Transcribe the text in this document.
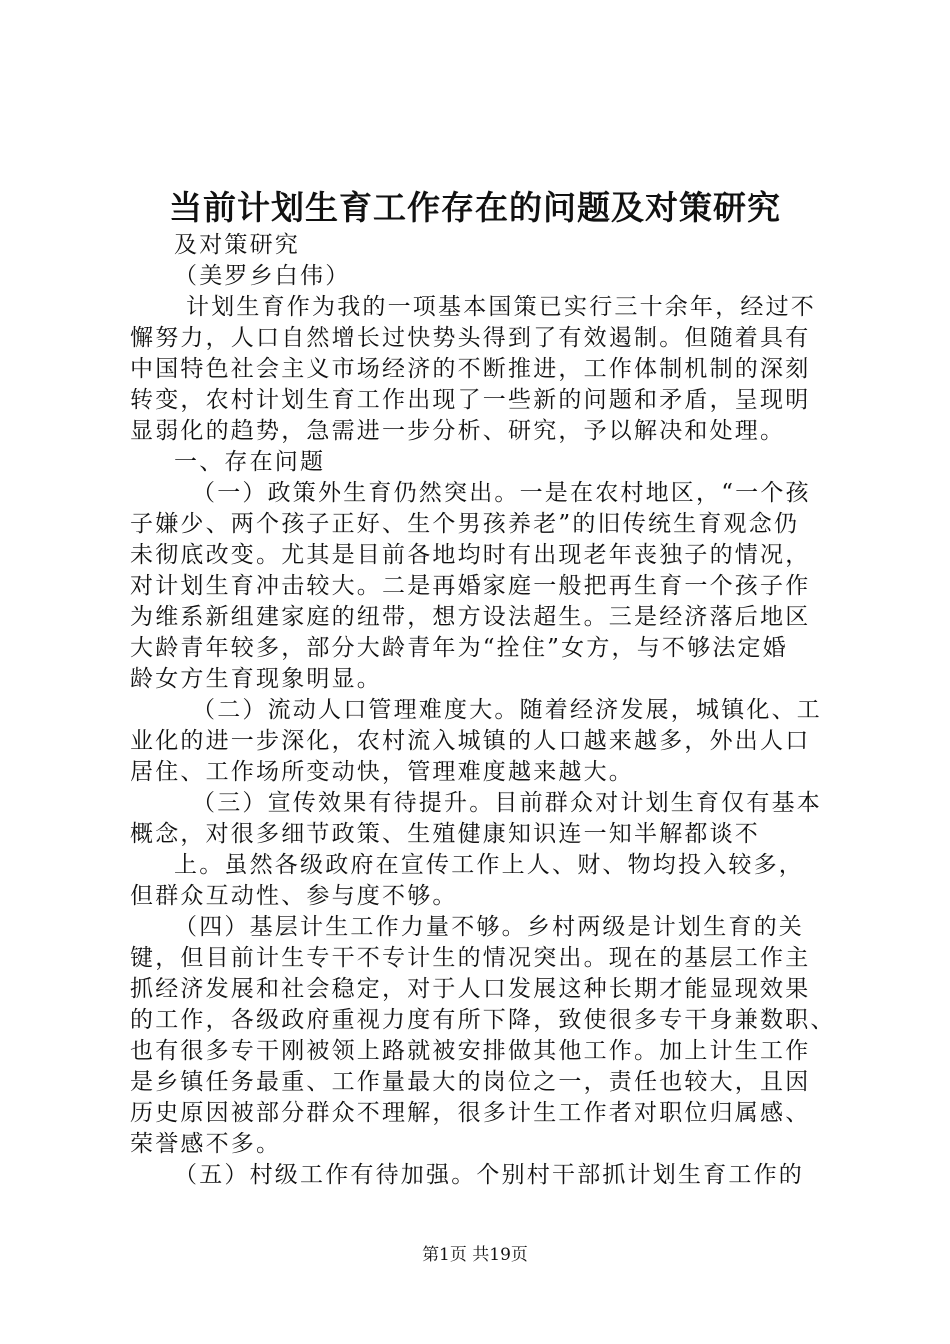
当前计划生育工作存在的问题及对策研究
及对策研究
（美罗乡白伟）
计划生育作为我的一项基本国策已实行三十余年，经过不
懈努力，人口自然增长过快势头得到了有效遏制。但随着具有
中国特色社会主义市场经济的不断推进，工作体制机制的深刻
转变，农村计划生育工作出现了一些新的问题和矛盾，呈现明
显弱化的趋势，急需进一步分析、研究，予以解决和处理。
一、存在问题
（一）政策外生育仍然突出。一是在农村地区，“一个孩
子嫌少、两个孩子正好、生个男孩养老”的旧传统生育观念仍
未彻底改变。尤其是目前各地均时有出现老年丧独子的情况，
对计划生育冲击较大。二是再婚家庭一般把再生育一个孩子作
为维系新组建家庭的纽带，想方设法超生。三是经济落后地区
大龄青年较多，部分大龄青年为“拴住”女方，与不够法定婚
龄女方生育现象明显。
（二）流动人口管理难度大。随着经济发展，城镇化、工
业化的进一步深化，农村流入城镇的人口越来越多，外出人口
居住、工作场所变动快，管理难度越来越大。
（三）宣传效果有待提升。目前群众对计划生育仅有基本
概念，对很多细节政策、生殖健康知识连一知半解都谈不
上。虽然各级政府在宣传工作上人、财、物均投入较多，
但群众互动性、参与度不够。
（四）基层计生工作力量不够。乡村两级是计划生育的关
键，但目前计生专干不专计生的情况突出。现在的基层工作主
抓经济发展和社会稳定，对于人口发展这种长期才能显现效果
的工作，各级政府重视力度有所下降，致使很多专干身兼数职、
也有很多专干刚被领上路就被安排做其他工作。加上计生工作
是乡镇任务最重、工作量最大的岗位之一，责任也较大，且因
历史原因被部分群众不理解，很多计生工作者对职位归属感、
荣誉感不多。
（五）村级工作有待加强。个别村干部抓计划生育工作的
第1页 共19页
